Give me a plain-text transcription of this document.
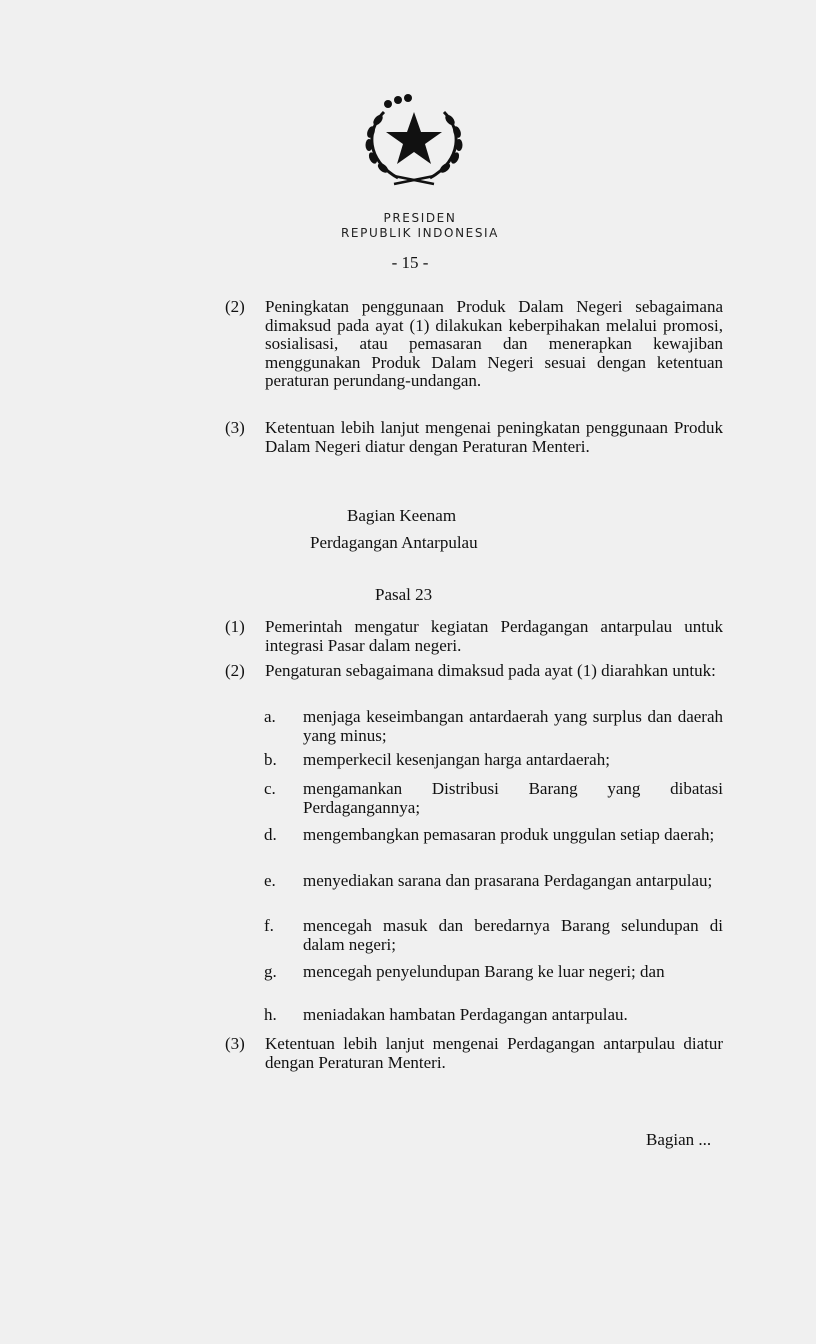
PRESIDEN
REPUBLIK INDONESIA
- 15 -
(2) Peningkatan penggunaan Produk Dalam Negeri sebagaimana dimaksud pada ayat (1) dilakukan keberpihakan melalui promosi, sosialisasi, atau pemasaran dan menerapkan kewajiban menggunakan Produk Dalam Negeri sesuai dengan ketentuan peraturan perundang-undangan.
(3) Ketentuan lebih lanjut mengenai peningkatan penggunaan Produk Dalam Negeri diatur dengan Peraturan Menteri.
Bagian Keenam
Perdagangan Antarpulau
Pasal 23
(1) Pemerintah mengatur kegiatan Perdagangan antarpulau untuk integrasi Pasar dalam negeri.
(2) Pengaturan sebagaimana dimaksud pada ayat (1) diarahkan untuk:
a. menjaga keseimbangan antardaerah yang surplus dan daerah yang minus;
b. memperkecil kesenjangan harga antardaerah;
c. mengamankan Distribusi Barang yang dibatasi Perdagangannya;
d. mengembangkan pemasaran produk unggulan setiap daerah;
e. menyediakan sarana dan prasarana Perdagangan antarpulau;
f. mencegah masuk dan beredarnya Barang selundupan di dalam negeri;
g. mencegah penyelundupan Barang ke luar negeri; dan
h. meniadakan hambatan Perdagangan antarpulau.
(3) Ketentuan lebih lanjut mengenai Perdagangan antarpulau diatur dengan Peraturan Menteri.
Bagian ...
